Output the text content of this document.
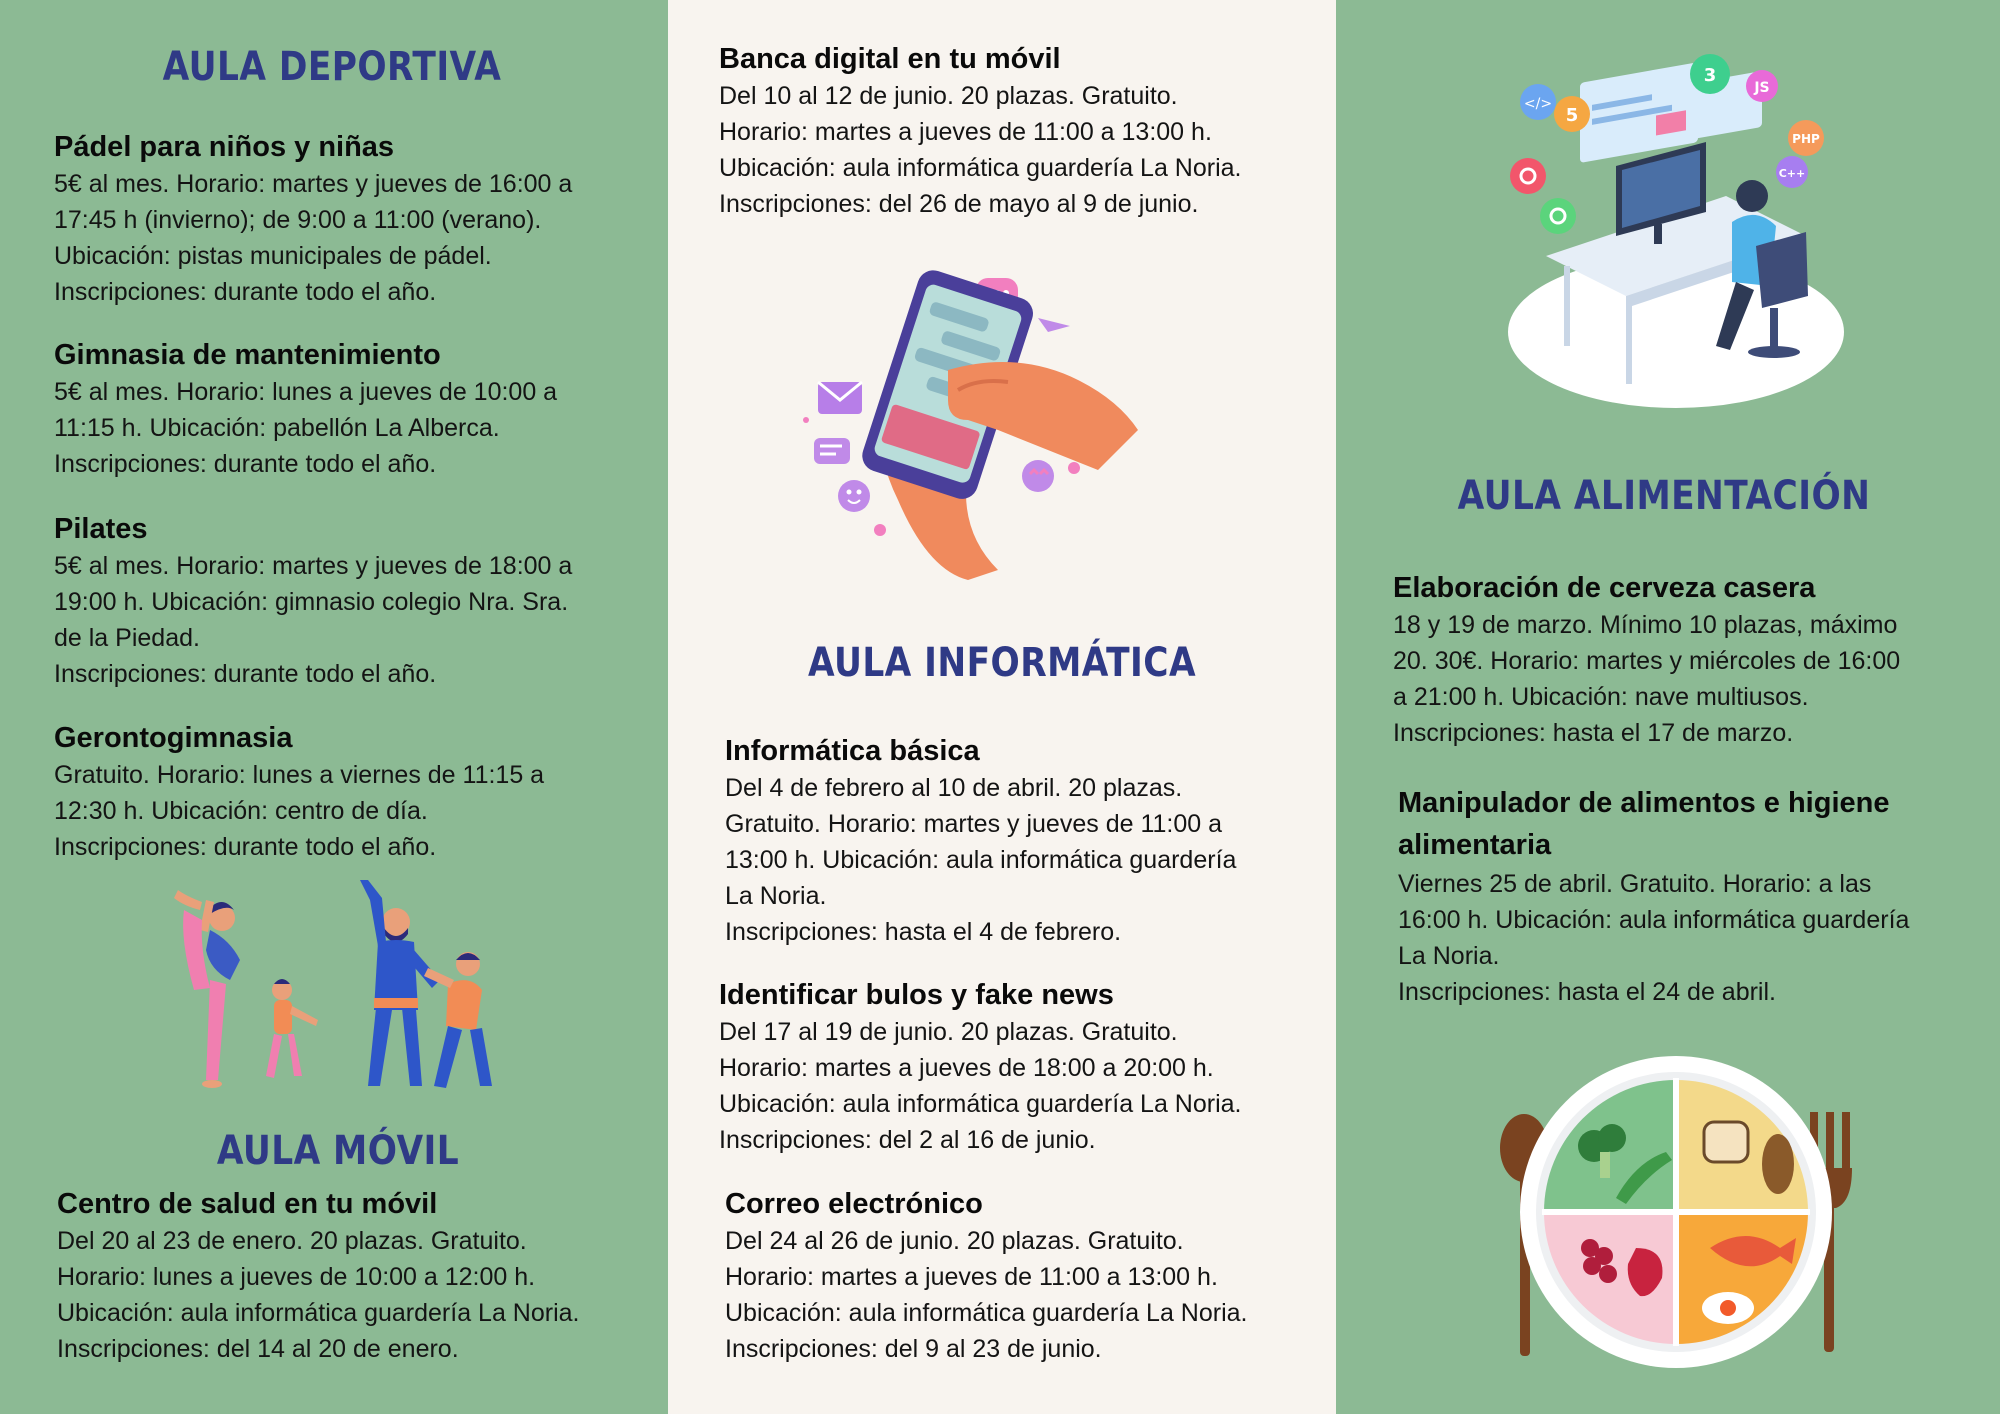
AULA DEPORTIVA
Pádel para niños y niñas

5€ al mes. Horario: martes y jueves de 16:00 a
17:45 h (invierno); de 9:00 a 11:00 (verano).
Ubicación: pistas municipales de pádel.
Inscripciones: durante todo el año.

Gimnasia de mantenimiento

5€ al mes. Horario: lunes a jueves de 10:00 a
11:15 h. Ubicación: pabellón La Alberca.
Inscripciones: durante todo el año.

Pilates

5€ al mes. Horario: martes y jueves de 18:00 a
19:00 h. Ubicación: gimnasio colegio Nra. Sra.
de la Piedad.
Inscripciones: durante todo el año.

Gerontogimnasia

Gratuito. Horario: lunes a viernes de 11:15 a
12:30 h. Ubicación: centro de día.
Inscripciones: durante todo el año.

AULA MÓVIL
Centro de salud en tu móvil

Del 20 al 23 de enero. 20 plazas. Gratuito.
Horario: lunes a jueves de 10:00 a 12:00 h.
Ubicación: aula informática guardería La Noria.
Inscripciones: del 14 al 20 de enero.

Banca digital en tu móvil

Del 10 al 12 de junio. 20 plazas. Gratuito.
Horario: martes a jueves de 11:00 a 13:00 h.
Ubicación: aula informática guardería La Noria.
Inscripciones: del 26 de mayo al 9 de junio.

AULA INFORMÁTICA
Informática básica

Del 4 de febrero al 10 de abril. 20 plazas.
Gratuito. Horario: martes y jueves de 11:00 a
13:00 h. Ubicación: aula informática guardería
La Noria.
Inscripciones: hasta el 4 de febrero.

Identificar bulos y fake news

Del 17 al 19 de junio. 20 plazas. Gratuito.
Horario: martes a jueves de 18:00 a 20:00 h.
Ubicación: aula informática guardería La Noria.
Inscripciones: del 2 al 16 de junio.

Correo electrónico

Del 24 al 26 de junio. 20 plazas. Gratuito.
Horario: martes a jueves de 11:00 a 13:00 h.
Ubicación: aula informática guardería La Noria.
Inscripciones: del 9 al 23 de junio.

</>
5
3
JS
PHP
C++
AULA ALIMENTACIÓN
Elaboración de cerveza casera

18 y 19 de marzo. Mínimo 10 plazas, máximo
20. 30€. Horario: martes y miércoles de 16:00
a 21:00 h. Ubicación: nave multiusos.
Inscripciones: hasta el 17 de marzo.

Manipulador de alimentos e higiene
alimentaria

Viernes 25 de abril. Gratuito. Horario: a las
16:00 h. Ubicación: aula informática guardería
La Noria.
Inscripciones: hasta el 24 de abril.
